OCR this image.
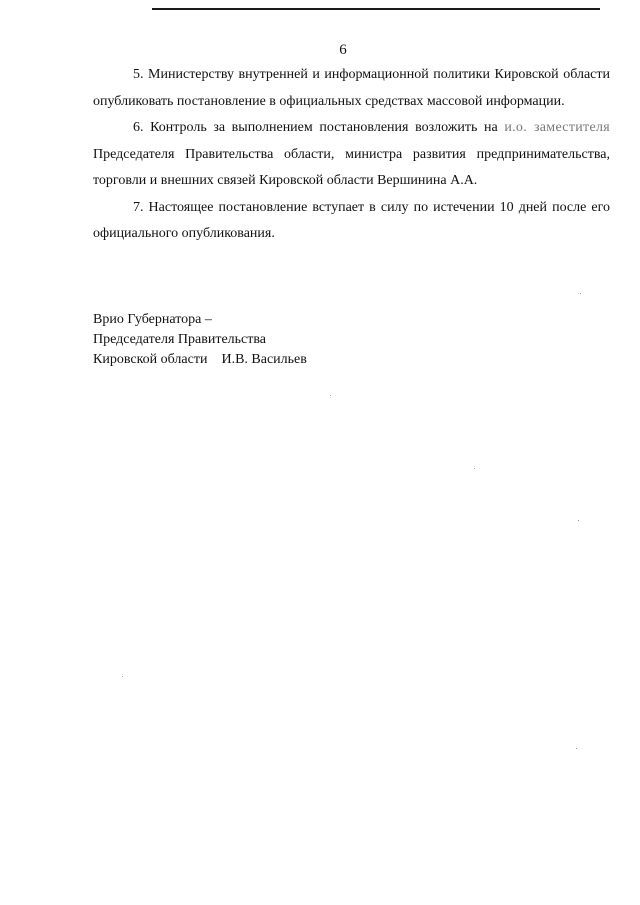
6

5. Министерству внутренней и информационной политики Кировской области опубликовать постановление в официальных средствах массовой информации.

6. Контроль за выполнением постановления возложить на и.о. заместителя Председателя Правительства области, министра развития предпринимательства, торговли и внешних связей Кировской области Вершинина А.А.

7. Настоящее постановление вступает в силу по истечении 10 дней после его официального опубликования.

Врио Губернатора –
Председателя Правительства
Кировской области И.В. Васильев
